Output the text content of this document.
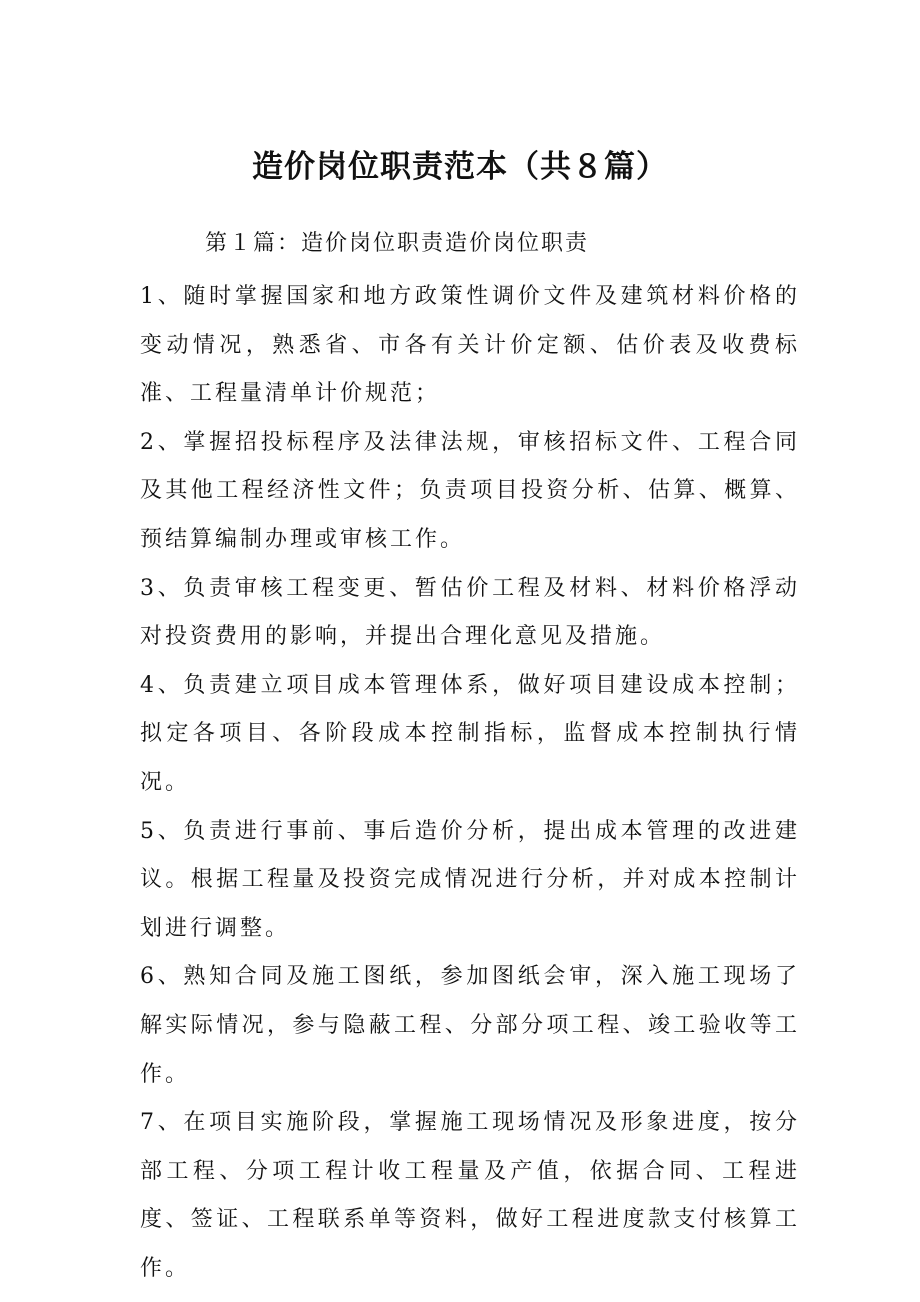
造价岗位职责范本（共８篇）
第１篇：造价岗位职责造价岗位职责

1、随时掌握国家和地方政策性调价文件及建筑材料价格的变动情况，熟悉省、市各有关计价定额、估价表及收费标准、工程量清单计价规范；

2、掌握招投标程序及法律法规，审核招标文件、工程合同及其他工程经济性文件；负责项目投资分析、估算、概算、预结算编制办理或审核工作。

3、负责审核工程变更、暂估价工程及材料、材料价格浮动对投资费用的影响，并提出合理化意见及措施。

4、负责建立项目成本管理体系，做好项目建设成本控制；拟定各项目、各阶段成本控制指标，监督成本控制执行情况。

5、负责进行事前、事后造价分析，提出成本管理的改进建议。根据工程量及投资完成情况进行分析，并对成本控制计划进行调整。

6、熟知合同及施工图纸，参加图纸会审，深入施工现场了解实际情况，参与隐蔽工程、分部分项工程、竣工验收等工作。

7、在项目实施阶段，掌握施工现场情况及形象进度，按分部工程、分项工程计收工程量及产值，依据合同、工程进度、签证、工程联系单等资料，做好工程进度款支付核算工作。
